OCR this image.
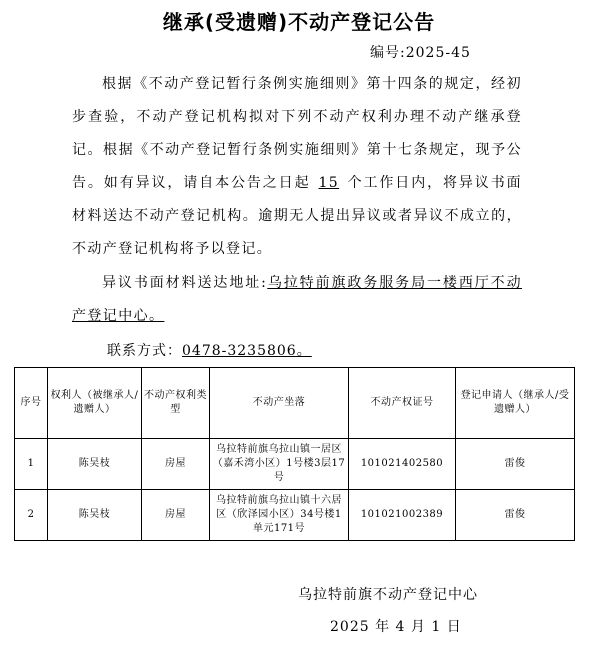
继承(受遗赠)不动产登记公告
编号:2025-45
根据《不动产登记暂行条例实施细则》第十四条的规定，经初步查验，不动产登记机构拟对下列不动产权利办理不动产继承登记。根据《不动产登记暂行条例实施细则》第十七条规定，现予公告。如有异议，请自本公告之日起 15 个工作日内，将异议书面材料送达不动产登记机构。逾期无人提出异议或者异议不成立的，不动产登记机构将予以登记。
异议书面材料送达地址:乌拉特前旗政务服务局一楼西厅不动产登记中心。
联系方式：0478-3235806。
序号	权利人（被继承人/遗赠人）	不动产权利类型	不动产坐落	不动产权证号	登记申请人（继承人/受遗赠人）
1	陈吴枝	房屋	乌拉特前旗乌拉山镇一居区（嘉禾湾小区）1号楼3层17号	101021402580	雷俊
2	陈吴枝	房屋	乌拉特前旗乌拉山镇十六居区（欣泽园小区）34号楼1单元171号	101021002389	雷俊
乌拉特前旗不动产登记中心
2025 年 4 月 1 日
